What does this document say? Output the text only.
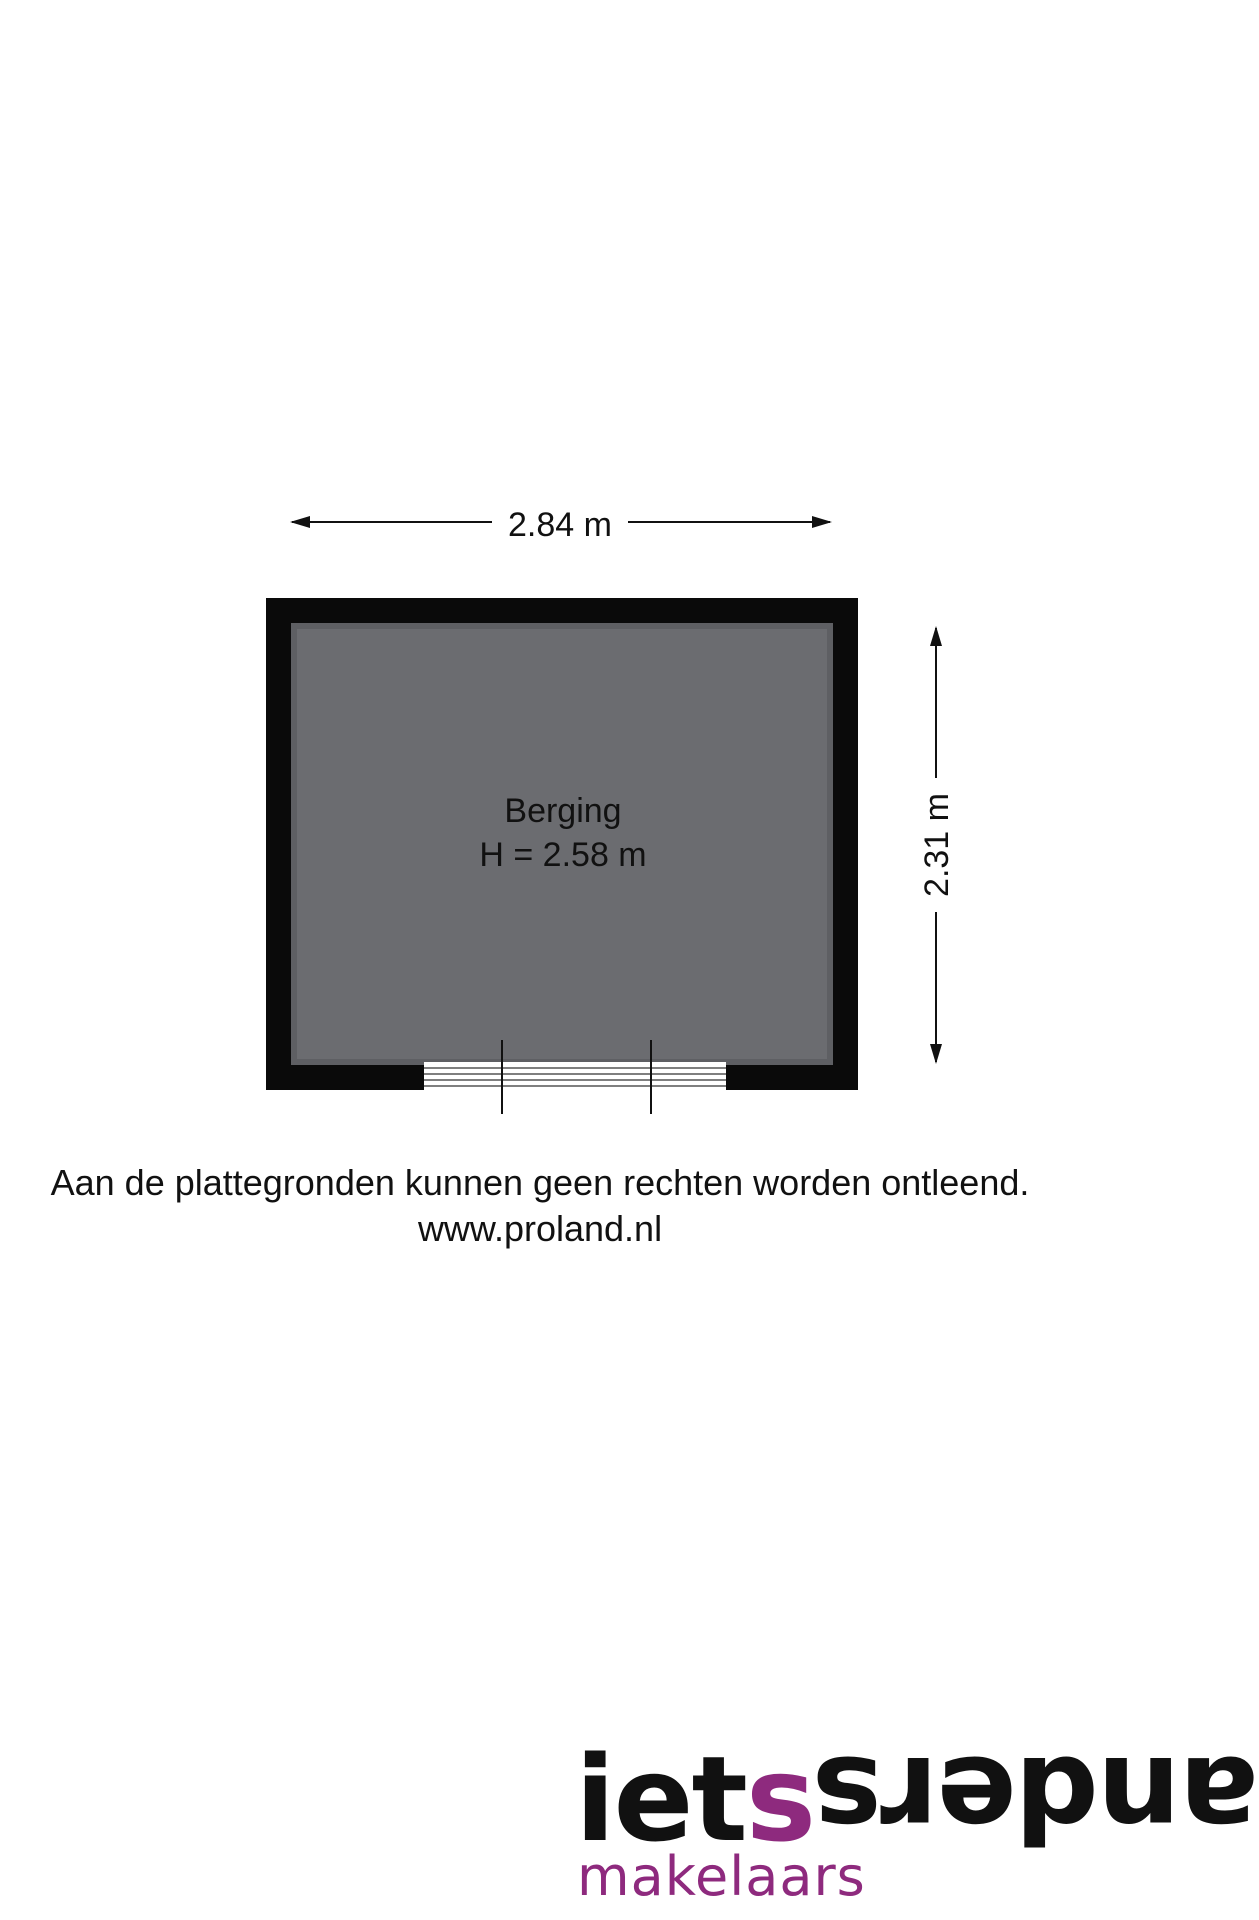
2.84 m
2.31 m
Berging
H = 2.58 m
Aan de plattegronden kunnen geen rechten worden ontleend.
www.proland.nl
ietsanders
makelaars
